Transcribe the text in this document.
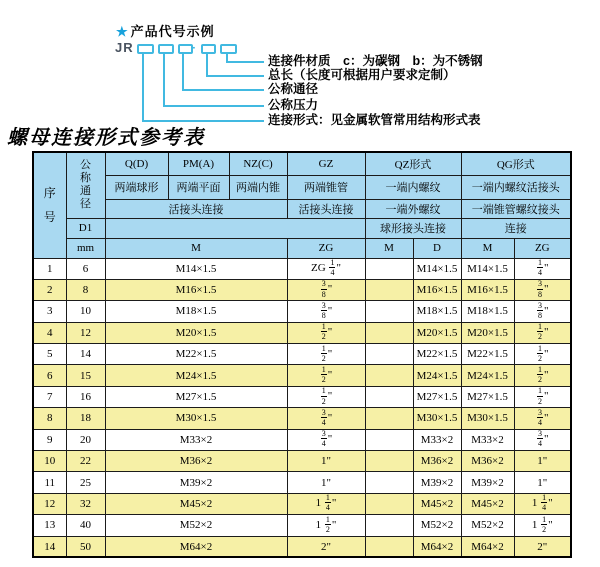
★ 产品代号示例
JR	-
连接件材质　c：为碳钢　b：为不锈钢
总长（长度可根据用户要求定制）
公称通径
公称压力
连接形式：见金属软管常用结构形式表
螺母连接形式参考表
序
号

公
称
通
径
	Q(D)	PM(A)	NZ(C)	GZ	QZ形式	QG形式
		两端球形	两端平面	两端内锥	两端锥管	一端内螺纹		一端内螺纹活接头	
		活接头连接			活接头连接	一端外螺纹		一端锥管螺纹接头	
	D1					球形接头连接		连接	
	mm	M			ZG	M	D	M	ZG
1	6	M14×1.5			ZG $\frac{1}{4}$ "		M14×1.5	M14×1.5	$\frac{1}{4}$ "
2	8	M16×1.5			$\frac{3}{8}$ "		M16×1.5	M16×1.5	$\frac{3}{8}$ "
3	10	M18×1.5			$\frac{3}{8}$ "		M18×1.5	M18×1.5	$\frac{3}{8}$ "
4	12	M20×1.5			$\frac{1}{2}$ "		M20×1.5	M20×1.5	$\frac{1}{2}$ "
5	14	M22×1.5			$\frac{1}{2}$ "		M22×1.5	M22×1.5	$\frac{1}{2}$ "
6	15	M24×1.5			$\frac{1}{2}$ "		M24×1.5	M24×1.5	$\frac{1}{2}$ "
7	16	M27×1.5			$\frac{1}{2}$ "		M27×1.5	M27×1.5	$\frac{1}{2}$ "
8	18	M30×1.5			$\frac{3}{4}$ "		M30×1.5	M30×1.5	$\frac{3}{4}$ "
9	20	M33×2			$\frac{3}{4}$ "		M33×2	M33×2	$\frac{3}{4}$ "
10	22	M36×2			1"		M36×2	M36×2	1"
11	25	M39×2			1"		M39×2	M39×2	1"
12	32	M45×2			$1 \frac{1}{4}$ "		M45×2	M45×2	$1 \frac{1}{4}$ "
13	40	M52×2			$1 \frac{1}{2}$ "		M52×2	M52×2	$1 \frac{1}{2}$ "
14	50	M64×2			2"		M64×2	M64×2	2"
